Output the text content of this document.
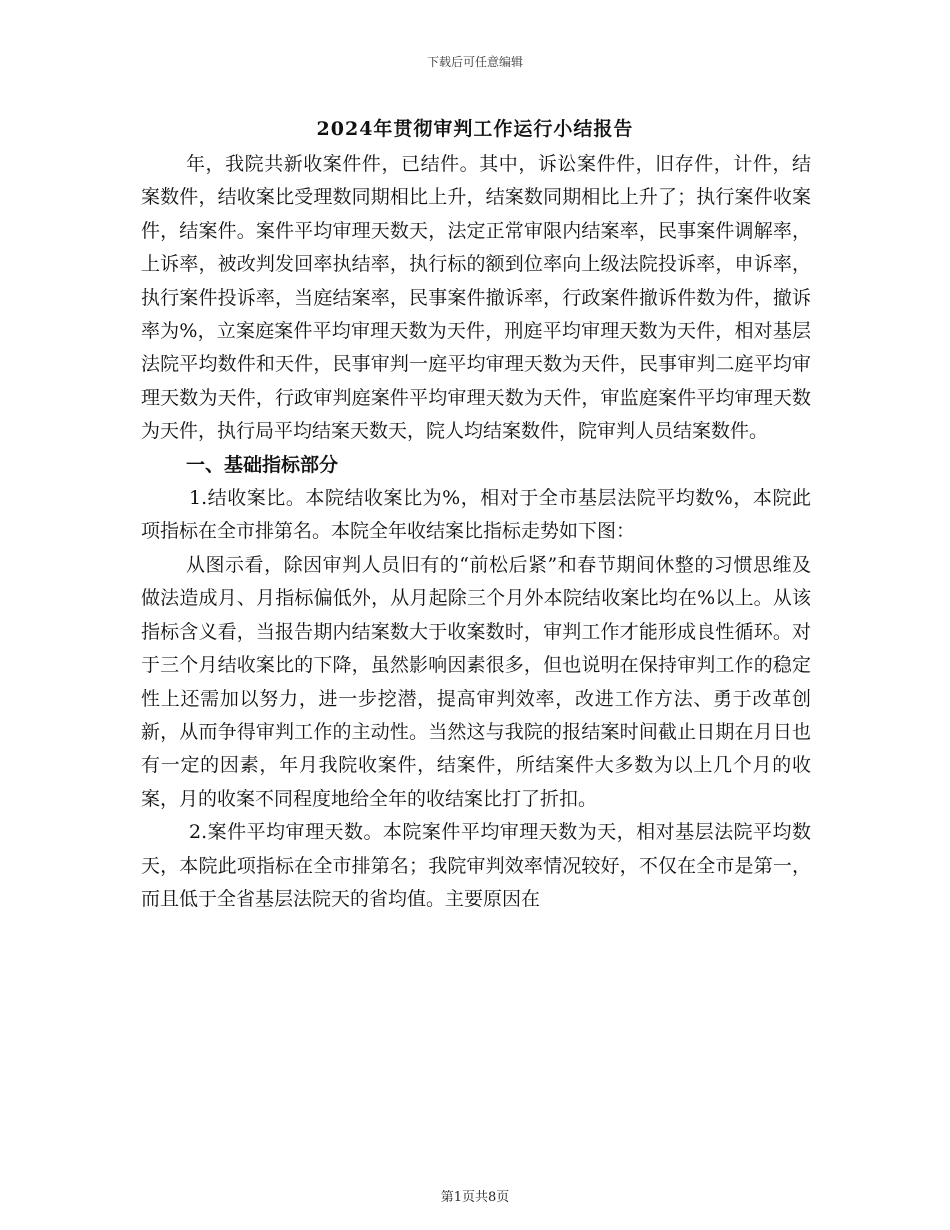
下载后可任意编辑
2024年贯彻审判工作运行小结报告

年，我院共新收案件件，已结件。其中，诉讼案件件，旧存件，计件，结案数件，结收案比受理数同期相比上升，结案数同期相比上升了；执行案件收案件，结案件。案件平均审理天数天，法定正常审限内结案率，民事案件调解率，上诉率，被改判发回率执结率，执行标的额到位率向上级法院投诉率，申诉率，执行案件投诉率，当庭结案率，民事案件撤诉率，行政案件撤诉件数为件，撤诉率为%，立案庭案件平均审理天数为天件，刑庭平均审理天数为天件，相对基层法院平均数件和天件，民事审判一庭平均审理天数为天件，民事审判二庭平均审理天数为天件，行政审判庭案件平均审理天数为天件，审监庭案件平均审理天数为天件，执行局平均结案天数天，院人均结案数件，院审判人员结案数件。

一、基础指标部分

1.结收案比。本院结收案比为%，相对于全市基层法院平均数%，本院此项指标在全市排第名。本院全年收结案比指标走势如下图：

从图示看，除因审判人员旧有的“前松后紧”和春节期间休整的习惯思维及做法造成月、月指标偏低外，从月起除三个月外本院结收案比均在%以上。从该指标含义看，当报告期内结案数大于收案数时，审判工作才能形成良性循环。对于三个月结收案比的下降，虽然影响因素很多，但也说明在保持审判工作的稳定性上还需加以努力，进一步挖潜，提高审判效率，改进工作方法、勇于改革创新，从而争得审判工作的主动性。当然这与我院的报结案时间截止日期在月日也有一定的因素，年月我院收案件，结案件，所结案件大多数为以上几个月的收案，月的收案不同程度地给全年的收结案比打了折扣。

2.案件平均审理天数。本院案件平均审理天数为天，相对基层法院平均数天，本院此项指标在全市排第名；我院审判效率情况较好，不仅在全市是第一，而且低于全省基层法院天的省均值。主要原因在

第1页共8页
